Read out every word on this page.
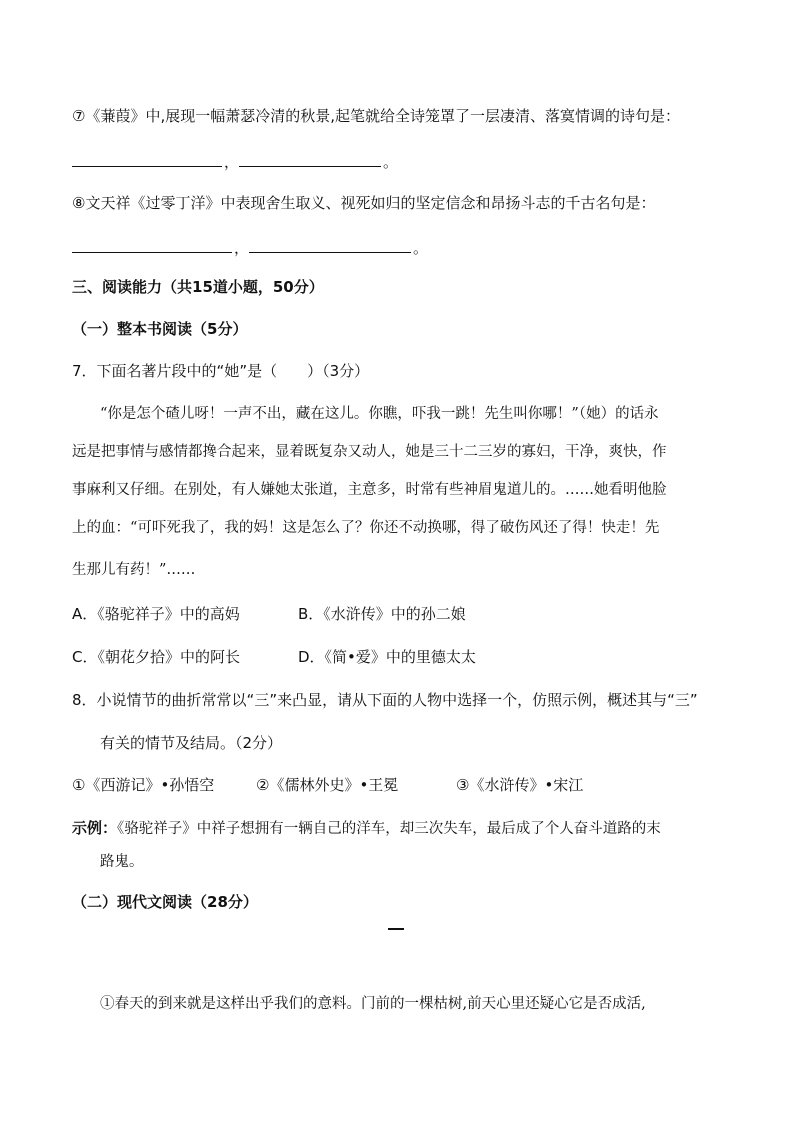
⑦《蒹葭》中,展现一幅萧瑟冷清的秋景,起笔就给全诗笼罩了一层凄清、落寞情调的诗句是：
，	。
⑧文天祥《过零丁洋》中表现舍生取义、视死如归的坚定信念和昂扬斗志的千古名句是：
，	。
三、阅读能力（共15道小题，50分）
（一）整本书阅读（5分）
7．下面名著片段中的“她”是（　　）（3分）
“你是怎个碴儿呀！一声不出，藏在这儿。你瞧，吓我一跳！先生叫你哪！”（她）的话永
远是把事情与感情都搀合起来，显着既复杂又动人，她是三十二三岁的寡妇，干净，爽快，作
事麻利又仔细。在别处，有人嫌她太张道，主意多，时常有些神眉鬼道儿的。……她看明他脸
上的血：“可吓死我了，我的妈！这是怎么了？你还不动换哪，得了破伤风还了得！快走！先
生那儿有药！”……
A．《骆驼祥子》中的高妈	B．《水浒传》中的孙二娘
C．《朝花夕拾》中的阿长	D．《简•爱》中的里德太太
8．小说情节的曲折常常以“三”来凸显，请从下面的人物中选择一个，仿照示例，概述其与“三”
有关的情节及结局。（2分）
①《西游记》•孙悟空	②《儒林外史》•王冕	③《水浒传》•宋江
示例：《骆驼祥子》中祥子想拥有一辆自己的洋车，却三次失车，最后成了个人奋斗道路的末
路鬼。
（二）现代文阅读（28分）
①春天的到来就是这样出乎我们的意料。门前的一棵枯树,前天心里还疑心它是否成活,
